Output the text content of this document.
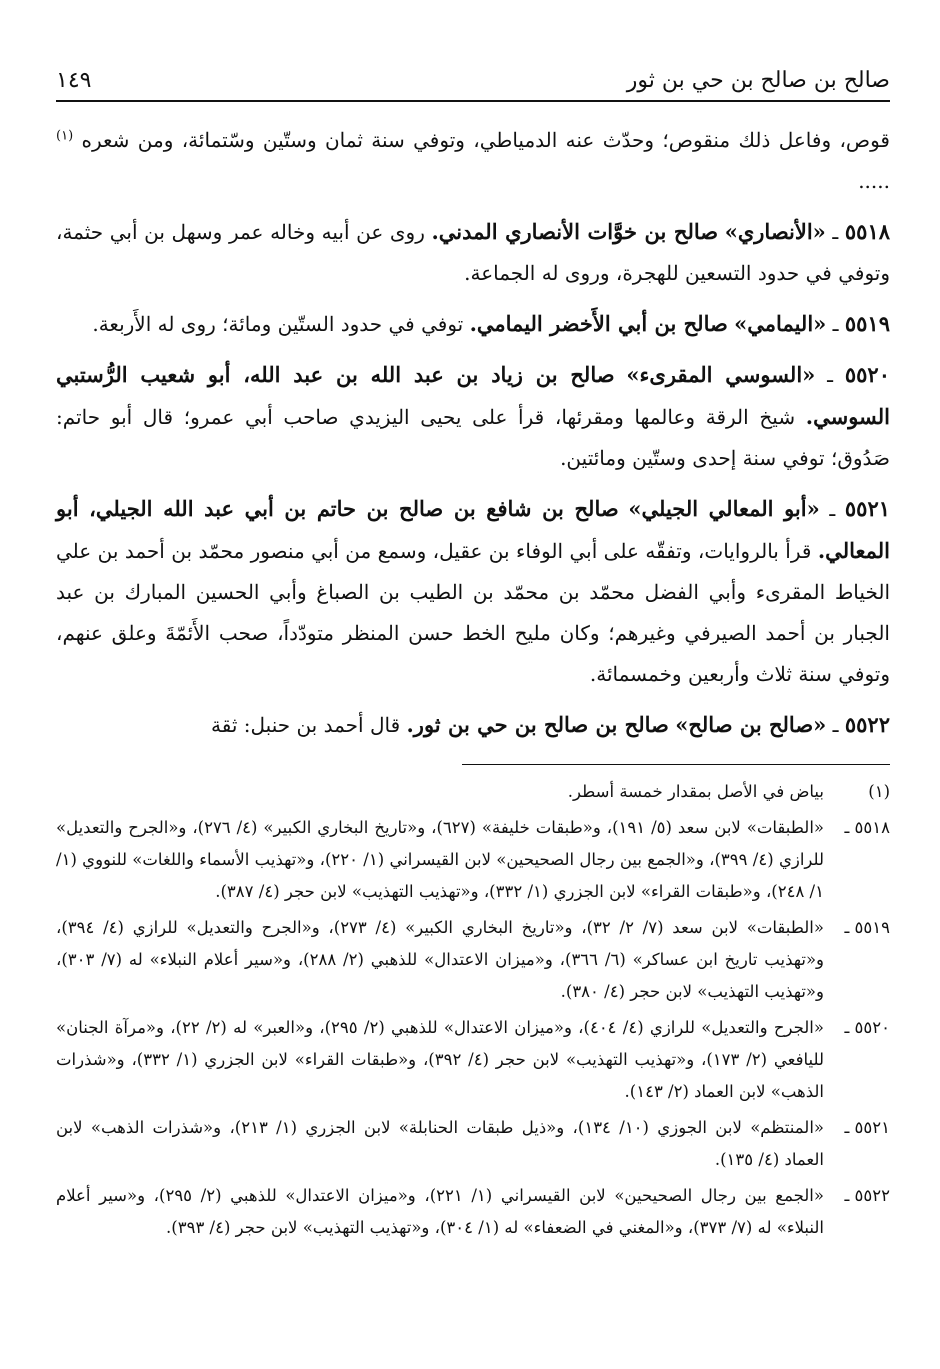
صالح بن صالح بن حي بن ثور
١٤٩

قوص، وفاعل ذلك منقوص؛ وحدّث عنه الدمياطي، وتوفي سنة ثمان وستّين وسّتمائة، ومن شعره $^{(١)}$ .....

٥٥١٨ ـ «الأنصاري» صالح بن خوَّات الأنصاري المدني. روى عن أبيه وخاله عمر وسهل بن أبي حثمة، وتوفي في حدود التسعين للهجرة، وروى له الجماعة.

٥٥١٩ ـ «اليمامي» صالح بن أبي الأَخضر اليمامي. توفي في حدود الستّين ومائة؛ روى له الأَربعة.

٥٥٢٠ ـ «السوسي المقرىء» صالح بن زياد بن عبد الله بن عبد الله، أبو شعيب الرُّستبي السوسي. شيخ الرقة وعالمها ومقرئها، قرأ على يحيى اليزيدي صاحب أبي عمرو؛ قال أبو حاتم: صَدُوق؛ توفي سنة إحدى وستّين ومائتين.

٥٥٢١ ـ «أبو المعالي الجيلي» صالح بن شافع بن صالح بن حاتم بن أبي عبد الله الجيلي، أبو المعالي. قرأ بالروايات، وتفقّه على أبي الوفاء بن عقيل، وسمع من أبي منصور محمّد بن أحمد بن علي الخياط المقرىء وأبي الفضل محمّد بن محمّد بن الطيب بن الصباغ وأبي الحسين المبارك بن عبد الجبار بن أحمد الصيرفي وغيرهم؛ وكان مليح الخط حسن المنظر متودّداً، صحب الأَئمّةَ وعلق عنهم، وتوفي سنة ثلاث وأربعين وخمسمائة.

٥٥٢٢ ـ «صالح بن صالح» صالح بن صالح بن حي بن ثور. قال أحمد بن حنبل: ثقة

(١)
بياض في الأصل بمقدار خمسة أسطر.
٥٥١٨ ـ
«الطبقات» لابن سعد (٥/ ١٩١)، و«طبقات خليفة» (٦٢٧)، و«تاريخ البخاري الكبير» (٤/ ٢٧٦)، و«الجرح والتعديل» للرازي (٤/ ٣٩٩)، و«الجمع بين رجال الصحيحين» لابن القيسراني (١/ ٢٢٠)، و«تهذيب الأسماء واللغات» للنووي (١/ ١/ ٢٤٨)، و«طبقات القراء» لابن الجزري (١/ ٣٣٢)، و«تهذيب التهذيب» لابن حجر (٤/ ٣٨٧).
٥٥١٩ ـ
«الطبقات» لابن سعد (٧/ ٢/ ٣٢)، و«تاريخ البخاري الكبير» (٤/ ٢٧٣)، و«الجرح والتعديل» للرازي (٤/ ٣٩٤)، و«تهذيب تاريخ ابن عساكر» (٦/ ٣٦٦)، و«ميزان الاعتدال» للذهبي (٢/ ٢٨٨)، و«سير أعلام النبلاء» له (٧/ ٣٠٣)، و«تهذيب التهذيب» لابن حجر (٤/ ٣٨٠).
٥٥٢٠ ـ
«الجرح والتعديل» للرازي (٤/ ٤٠٤)، و«ميزان الاعتدال» للذهبي (٢/ ٢٩٥)، و«العبر» له (٢/ ٢٢)، و«مرآة الجنان» لليافعي (٢/ ١٧٣)، و«تهذيب التهذيب» لابن حجر (٤/ ٣٩٢)، و«طبقات القراء» لابن الجزري (١/ ٣٣٢)، و«شذرات الذهب» لابن العماد (٢/ ١٤٣).
٥٥٢١ ـ
«المنتظم» لابن الجوزي (١٠/ ١٣٤)، و«ذيل طبقات الحنابلة» لابن الجزري (١/ ٢١٣)، و«شذرات الذهب» لابن العماد (٤/ ١٣٥).
٥٥٢٢ ـ
«الجمع بين رجال الصحيحين» لابن القيسراني (١/ ٢٢١)، و«ميزان الاعتدال» للذهبي (٢/ ٢٩٥)، و«سير أعلام النبلاء» له (٧/ ٣٧٣)، و«المغني في الضعفاء» له (١/ ٣٠٤)، و«تهذيب التهذيب» لابن حجر (٤/ ٣٩٣).
